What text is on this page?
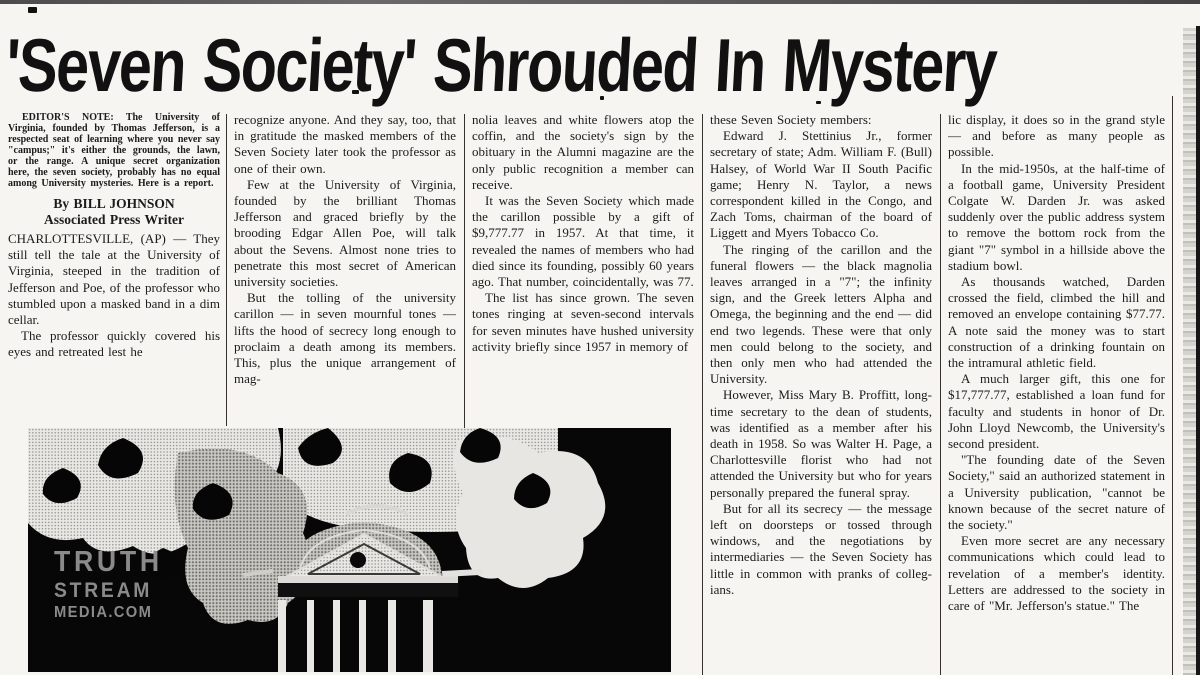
'Seven Society' Shrouded In Mystery

EDITOR'S NOTE: The University of Virginia, founded by Thomas Jefferson, is a respected seat of learning where you never say "campus;" it's either the grounds, the lawn, or the range. A unique secret organization here, the seven society, probably has no equal among University mysteries. Here is a report.

By BILL JOHNSON

Associated Press Writer

CHARLOTTESVILLE, (AP) — They still tell the tale at the University of Virginia, steeped in the tradition of Jefferson and Poe, of the professor who stumbled upon a masked band in a dim cellar.

The professor quickly covered his eyes and retreated lest he

recognize anyone. And they say, too, that in gratitude the masked members of the Seven Society later took the professor as one of their own.

Few at the University of Virginia, founded by the brilliant Thomas Jefferson and graced briefly by the brooding Edgar Allen Poe, will talk about the Sevens. Almost none tries to penetrate this most secret of American university societies.

But the tolling of the university carillon — in seven mournful tones — lifts the hood of secrecy long enough to proclaim a death among its members. This, plus the unique arrangement of mag-

nolia leaves and white flowers atop the coffin, and the society's sign by the obituary in the Alumni magazine are the only public recognition a member can receive.

It was the Seven Society which made the carillon possible by a gift of $9,777.77 in 1957. At that time, it revealed the names of members who had died since its founding, possibly 60 years ago. That number, coincidentally, was 77.

The list has since grown. The seven tones ringing at seven-second intervals for seven minutes have hushed university activity briefly since 1957 in memory of

these Seven Society members:

Edward J. Stettinius Jr., former secretary of state; Adm. William F. (Bull) Halsey, of World War II South Pacific game; Henry N. Taylor, a news correspondent killed in the Congo, and Zach Toms, chairman of the board of Liggett and Myers Tobacco Co.

The ringing of the carillon and the funeral flowers — the black magnolia leaves arranged in a "7"; the infinity sign, and the Greek letters Alpha and Omega, the beginning and the end — did end two legends. These were that only men could belong to the society, and then only men who had attended the University.

However, Miss Mary B. Proffitt, long-time secretary to the dean of students, was identified as a member after his death in 1958. So was Walter H. Page, a Charlottesville florist who had not attended the University but who for years personally prepared the funeral spray.

But for all its secrecy — the message left on doorsteps or tossed through windows, and the negotiations by intermediaries — the Seven Society has little in common with pranks of colleg-ians.

lic display, it does so in the grand style — and before as many people as possible.

In the mid-1950s, at the half-time of a football game, University President Colgate W. Darden Jr. was asked suddenly over the public address system to remove the bottom rock from the giant "7" symbol in a hillside above the stadium bowl.

As thousands watched, Darden crossed the field, climbed the hill and removed an envelope containing $77.77. A note said the money was to start construction of a drinking fountain on the intramural athletic field.

A much larger gift, this one for $17,777.77, established a loan fund for faculty and students in honor of Dr. John Lloyd Newcomb, the University's second president.

"The founding date of the Seven Society," said an authorized statement in a University publication, "cannot be known because of the secret nature of the society."

Even more secret are any necessary communications which could lead to revelation of a member's identity. Letters are addressed to the society in care of "Mr. Jefferson's statue." The

TRUTH
STREAM
MEDIA.COM
